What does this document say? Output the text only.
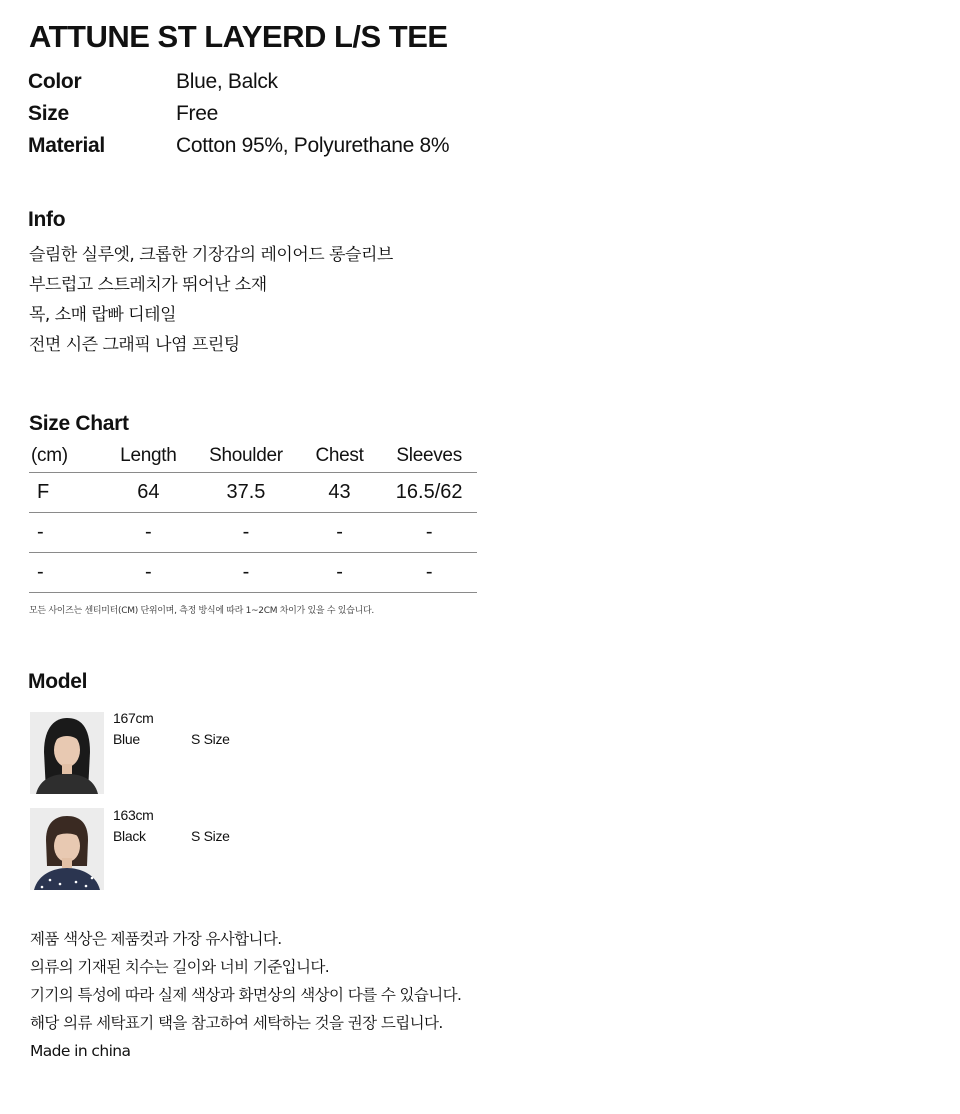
ATTUNE ST LAYERD L/S TEE
Color	Blue, Balck
Size	Free
Material	Cotton 95%, Polyurethane 8%
Info
슬림한 실루엣, 크롭한 기장감의 레이어드 롱슬리브
부드럽고 스트레치가 뛰어난 소재
목, 소매 랍빠 디테일
전면 시즌 그래픽 나염 프린팅
Size Chart
(cm)	Length	Shoulder	Chest	Sleeves
F	64	37.5	43	16.5/62
-	-	-	-	-
-	-	-	-	-
모든 사이즈는 센티미터(CM) 단위이며, 측정 방식에 따라 1~2CM 차이가 있을 수 있습니다.
Model
167cm
Blue	S Size
163cm
Black	S Size
제품 색상은 제품컷과 가장 유사합니다.
의류의 기재된 치수는 길이와 너비 기준입니다.
기기의 특성에 따라 실제 색상과 화면상의 색상이 다를 수 있습니다.
해당 의류 세탁표기 택을 참고하여 세탁하는 것을 권장 드립니다.
Made in china
